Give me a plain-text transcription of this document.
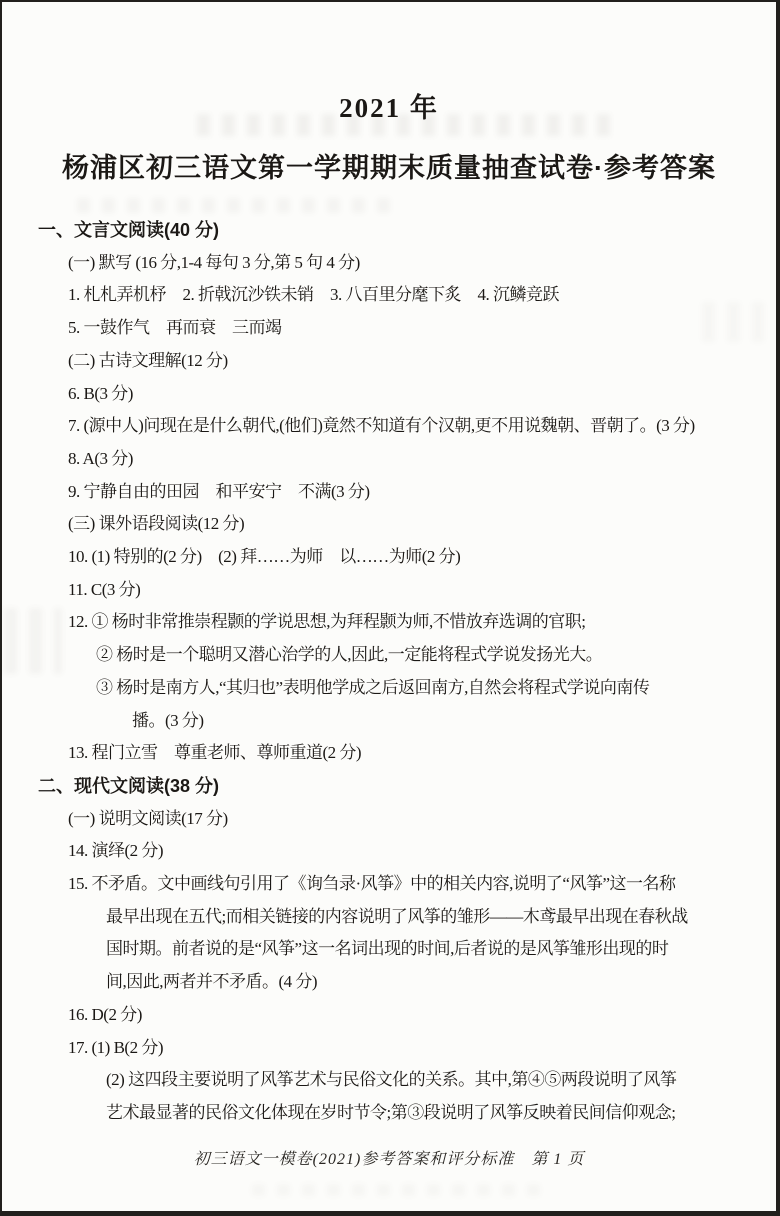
2021 年
杨浦区初三语文第一学期期末质量抽查试卷·参考答案
一、文言文阅读(40 分)
(一) 默写 (16 分,1-4 每句 3 分,第 5 句 4 分)
1. 札札弄机杼　2. 折戟沉沙铁未销　3. 八百里分麾下炙　4. 沉鳞竞跃
5. 一鼓作气　再而衰　三而竭
(二) 古诗文理解(12 分)
6. B(3 分)
7. (源中人)问现在是什么朝代,(他们)竟然不知道有个汉朝,更不用说魏朝、晋朝了。(3 分)
8. A(3 分)
9. 宁静自由的田园　和平安宁　不满(3 分)
(三) 课外语段阅读(12 分)
10. (1) 特别的(2 分)　(2) 拜……为师　以……为师(2 分)
11. C(3 分)
12. ① 杨时非常推崇程颢的学说思想,为拜程颢为师,不惜放弃选调的官职;
② 杨时是一个聪明又潜心治学的人,因此,一定能将程式学说发扬光大。
③ 杨时是南方人,“其归也”表明他学成之后返回南方,自然会将程式学说向南传
播。(3 分)
13. 程门立雪　尊重老师、尊师重道(2 分)
二、现代文阅读(38 分)
(一) 说明文阅读(17 分)
14. 演绎(2 分)
15. 不矛盾。文中画线句引用了《询刍录·风筝》中的相关内容,说明了“风筝”这一名称
最早出现在五代;而相关链接的内容说明了风筝的雏形——木鸢最早出现在春秋战
国时期。前者说的是“风筝”这一名词出现的时间,后者说的是风筝雏形出现的时
间,因此,两者并不矛盾。(4 分)
16. D(2 分)
17. (1) B(2 分)
(2) 这四段主要说明了风筝艺术与民俗文化的关系。其中,第④⑤两段说明了风筝
艺术最显著的民俗文化体现在岁时节令;第③段说明了风筝反映着民间信仰观念;
初三语文一模卷(2021)参考答案和评分标准　第 1 页
